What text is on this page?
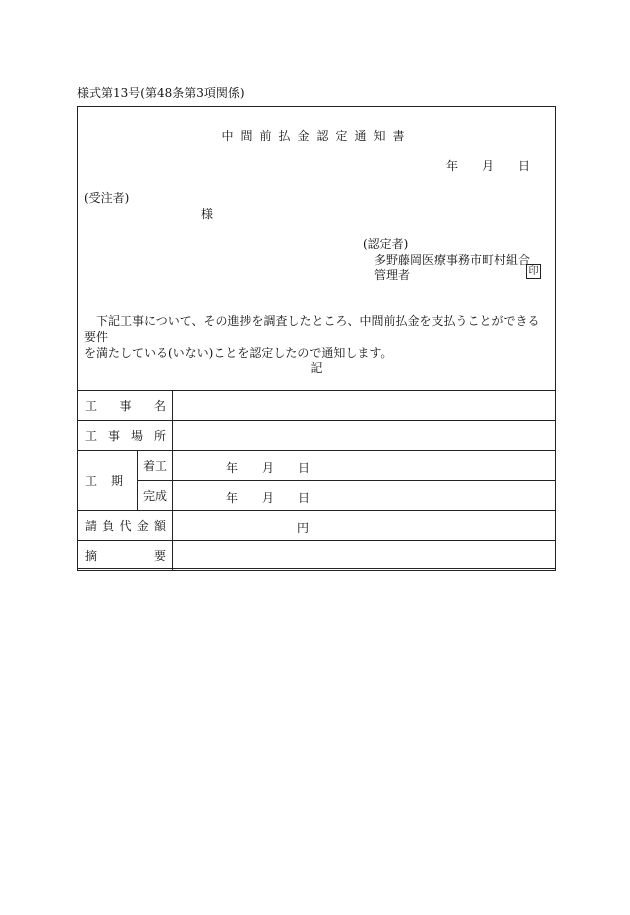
様式第13号(第48条第3項関係)
中間前払金認定通知書
年 月 日
(受注者)
様
(認定者)
多野藤岡医療事務市町村組合
管理者	印
下記工事について、その進捗を調査したところ、中間前払金を支払うことができる要件
を満たしている(いない)ことを認定したので通知します。
記
工 事 名		

工 事 場 所		

工 期	着工	年 月 日

	完成	年 月 日

請 負 代 金 額		円

摘 要		
